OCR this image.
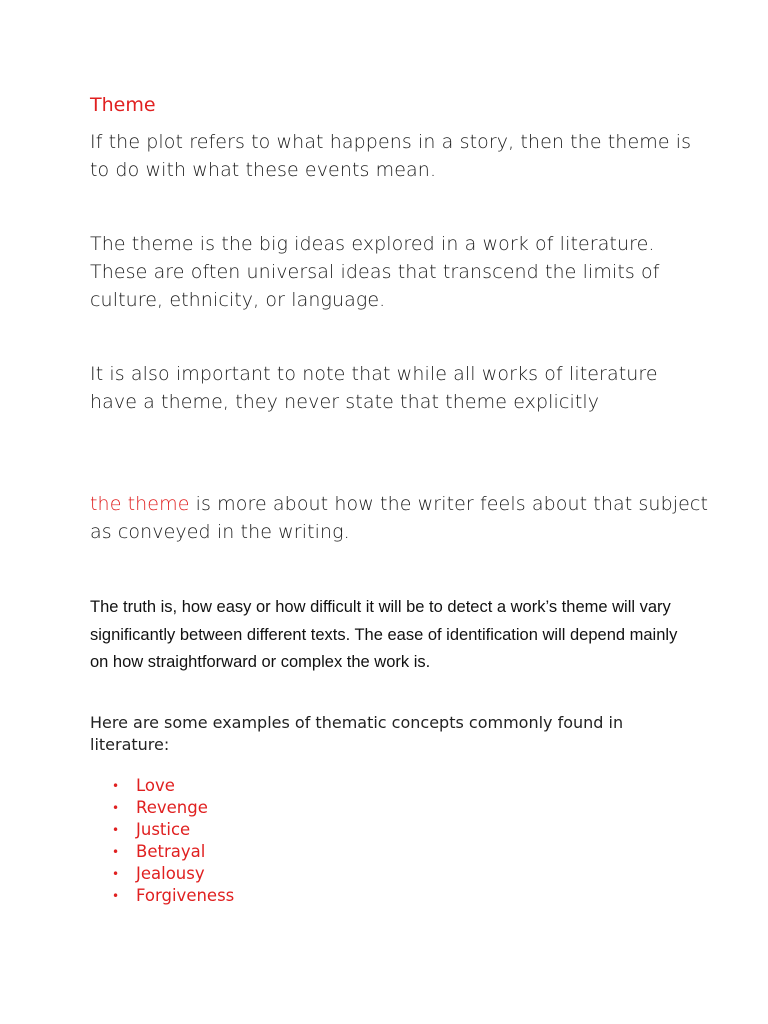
Theme

If the plot refers to what happens in a story, then the theme is to do with what these events mean.

The theme is the big ideas explored in a work of literature. These are often universal ideas that transcend the limits of culture, ethnicity, or language.

It is also important to note that while all works of literature have a theme, they never state that theme explicitly

the theme is more about how the writer feels about that subject as conveyed in the writing.

The truth is, how easy or how difficult it will be to detect a work’s theme will vary significantly between different texts. The ease of identification will depend mainly on how straightforward or complex the work is.

Here are some examples of thematic concepts commonly found in literature:

• Love
• Revenge
• Justice
• Betrayal
• Jealousy
• Forgiveness
